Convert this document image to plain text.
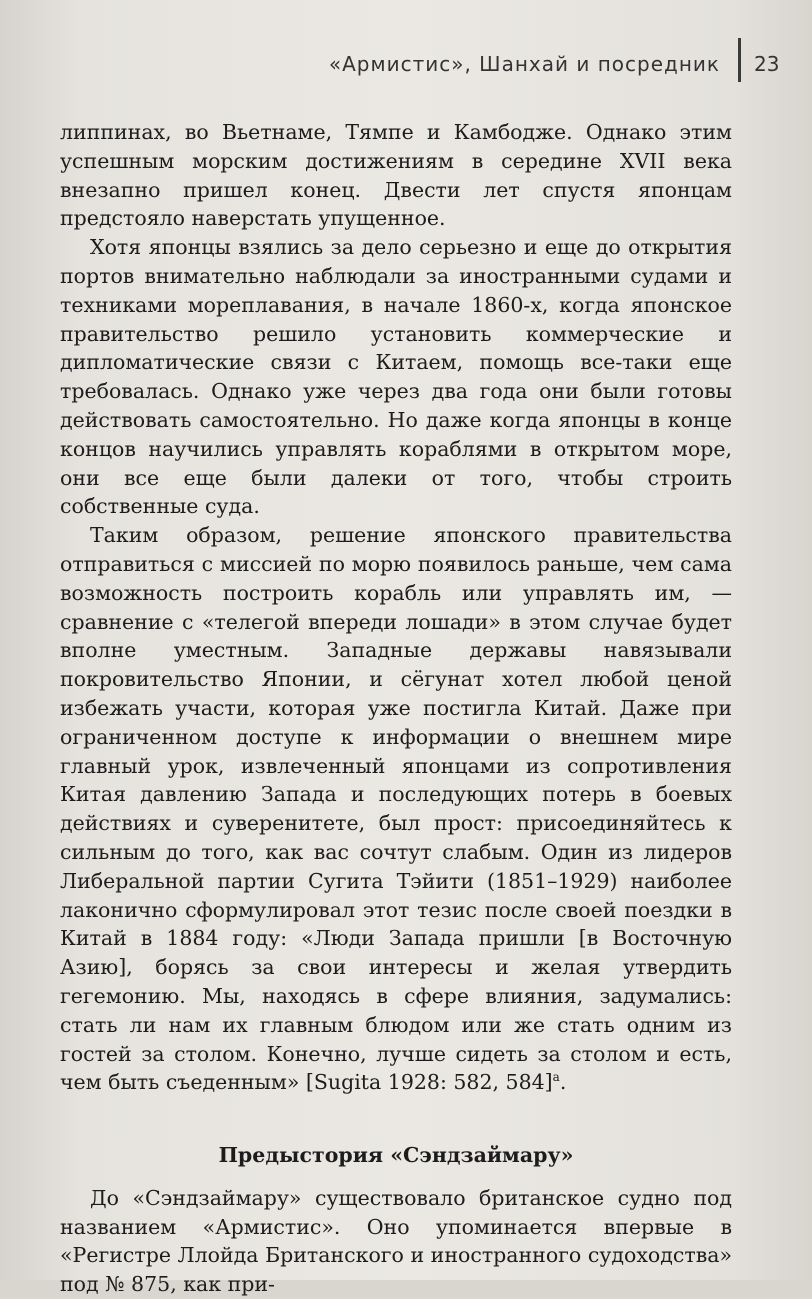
«Армистис», Шанхай и посредник 23

липпинах, во Вьетнаме, Тямпе и Камбодже. Однако этим успешным морским достижениям в середине XVII века внезапно пришел конец. Двести лет спустя японцам предстояло наверстать упущенное.

Хотя японцы взялись за дело серьезно и еще до открытия портов внимательно наблюдали за иностранными судами и техниками мореплавания, в начале 1860-х, когда японское правительство решило установить коммерческие и дипломатические связи с Китаем, помощь все-таки еще требовалась. Однако уже через два года они были готовы действовать самостоятельно. Но даже когда японцы в конце концов научились управлять кораблями в открытом море, они все еще были далеки от того, чтобы строить собственные суда.

Таким образом, решение японского правительства отправиться с миссией по морю появилось раньше, чем сама возможность построить корабль или управлять им, — сравнение с «телегой впереди лошади» в этом случае будет вполне уместным. Западные державы навязывали покровительство Японии, и сёгунат хотел любой ценой избежать участи, которая уже постигла Китай. Даже при ограниченном доступе к информации о внешнем мире главный урок, извлеченный японцами из сопротивления Китая давлению Запада и последующих потерь в боевых действиях и суверенитете, был прост: присоединяйтесь к сильным до того, как вас сочтут слабым. Один из лидеров Либеральной партии Сугита Тэйити (1851–1929) наиболее лаконично сформулировал этот тезис после своей поездки в Китай в 1884 году: «Люди Запада пришли [в Восточную Азию], борясь за свои интересы и желая утвердить гегемонию. Мы, находясь в сфере влияния, задумались: стать ли нам их главным блюдом или же стать одним из гостей за столом. Конечно, лучше сидеть за столом и есть, чем быть съеденным» [Sugita 1928: 582, 584]$^a$.

Предыстория «Сэндзаймару»

До «Сэндзаймару» существовало британское судно под названием «Армистис». Оно упоминается впервые в «Регистре Ллойда Британского и иностранного судоходства» под № 875, как при-
